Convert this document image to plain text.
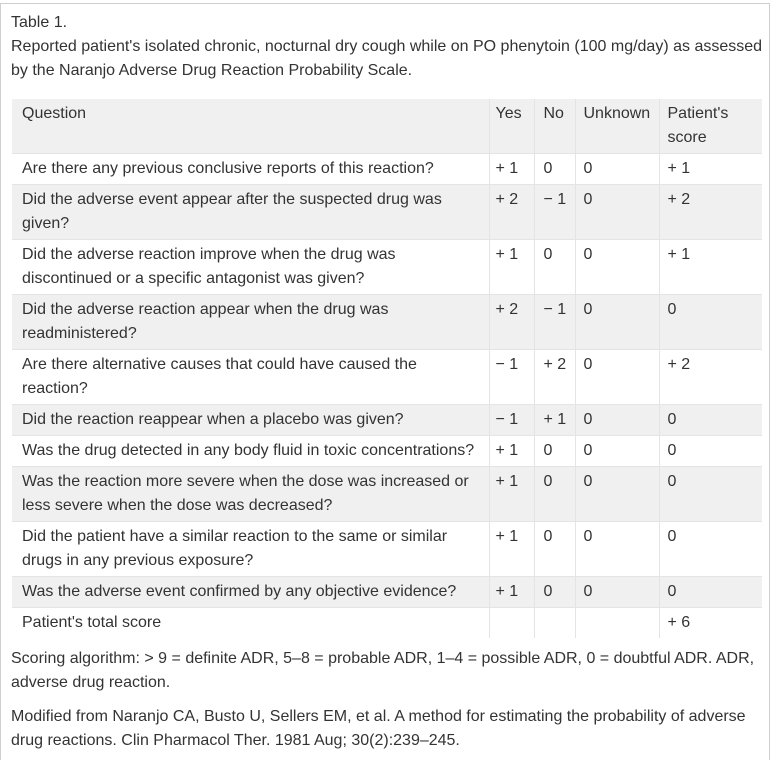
Table 1.
Reported patient's isolated chronic, nocturnal dry cough while on PO phenytoin (100 mg/day) as assessed by the Naranjo Adverse Drug Reaction Probability Scale.
Question	Yes	No	Unknown	Patient's score
Are there any previous conclusive reports of this reaction?	+ 1	0	0	+ 1
Did the adverse event appear after the suspected drug was given?	+ 2	− 1	0	+ 2
Did the adverse reaction improve when the drug was discontinued or a specific antagonist was given?	+ 1	0	0	+ 1
Did the adverse reaction appear when the drug was readministered?	+ 2	− 1	0	0
Are there alternative causes that could have caused the reaction?	− 1	+ 2	0	+ 2
Did the reaction reappear when a placebo was given?	− 1	+ 1	0	0
Was the drug detected in any body fluid in toxic concentrations?	+ 1	0	0	0
Was the reaction more severe when the dose was increased or less severe when the dose was decreased?	+ 1	0	0	0
Did the patient have a similar reaction to the same or similar drugs in any previous exposure?	+ 1	0	0	0
Was the adverse event confirmed by any objective evidence?	+ 1	0	0	0
Patient's total score				+ 6

Scoring algorithm: > 9 = definite ADR, 5–8 = probable ADR, 1–4 = possible ADR, 0 = doubtful ADR. ADR, adverse drug reaction.

Modified from Naranjo CA, Busto U, Sellers EM, et al. A method for estimating the probability of adverse drug reactions. Clin Pharmacol Ther. 1981 Aug; 30(2):239–245.
